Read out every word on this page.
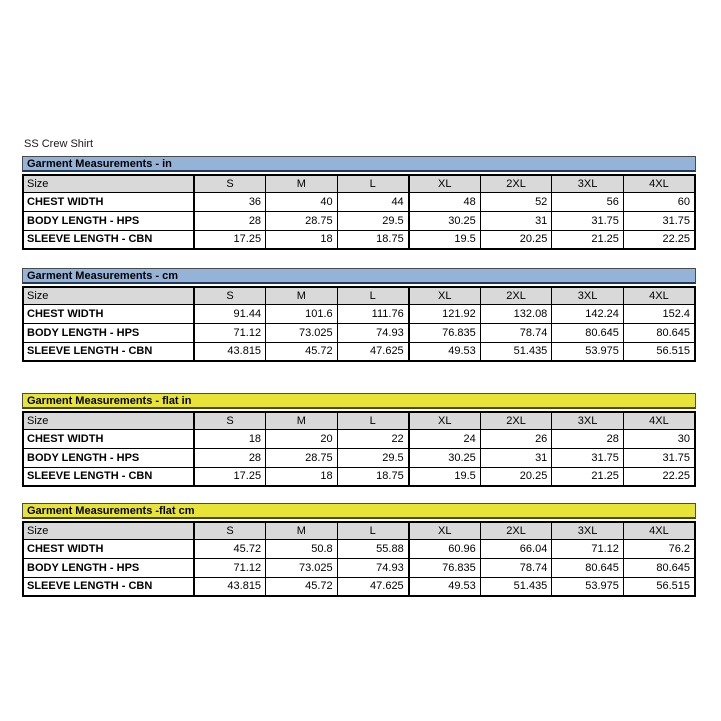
SS Crew Shirt
Garment Measurements - in
Size	S	M	L	XL	2XL	3XL	4XL
CHEST WIDTH	36	40	44	48	52	56	60
BODY LENGTH - HPS	28	28.75	29.5	30.25	31	31.75	31.75
SLEEVE LENGTH - CBN	17.25	18	18.75	19.5	20.25	21.25	22.25
Garment Measurements - cm
Size	S	M	L	XL	2XL	3XL	4XL
CHEST WIDTH	91.44	101.6	111.76	121.92	132.08	142.24	152.4
BODY LENGTH - HPS	71.12	73.025	74.93	76.835	78.74	80.645	80.645
SLEEVE LENGTH - CBN	43.815	45.72	47.625	49.53	51.435	53.975	56.515
Garment Measurements - flat in
Size	S	M	L	XL	2XL	3XL	4XL
CHEST WIDTH	18	20	22	24	26	28	30
BODY LENGTH - HPS	28	28.75	29.5	30.25	31	31.75	31.75
SLEEVE LENGTH - CBN	17.25	18	18.75	19.5	20.25	21.25	22.25
Garment Measurements -flat cm
Size	S	M	L	XL	2XL	3XL	4XL
CHEST WIDTH	45.72	50.8	55.88	60.96	66.04	71.12	76.2
BODY LENGTH - HPS	71.12	73.025	74.93	76.835	78.74	80.645	80.645
SLEEVE LENGTH - CBN	43.815	45.72	47.625	49.53	51.435	53.975	56.515
